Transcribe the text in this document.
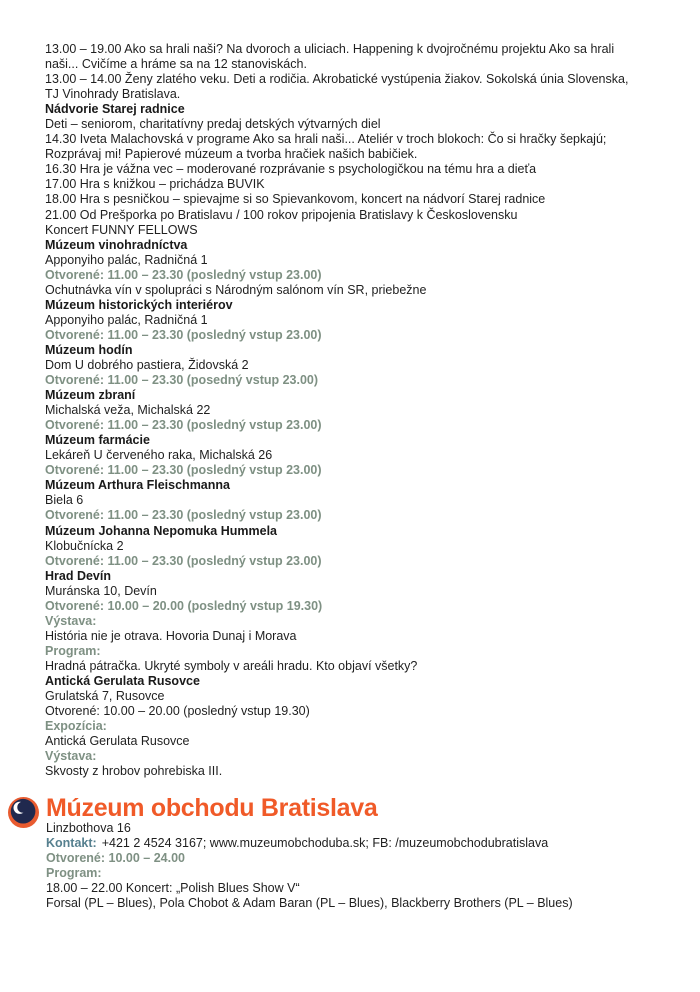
13.00 – 19.00 Ako sa hrali naši? Na dvoroch a uliciach. Happening k dvojročnému projektu Ako sa hrali
naši... Cvičíme a hráme sa na 12 stanoviskách.
13.00 – 14.00 Ženy zlatého veku. Deti a rodičia. Akrobatické vystúpenia žiakov. Sokolská únia Slovenska,
TJ Vinohrady Bratislava.
Nádvorie Starej radnice
Deti – seniorom, charitatívny predaj detských výtvarných diel
14.30 Iveta Malachovská v programe Ako sa hrali naši... Ateliér v troch blokoch: Čo si hračky šepkajú;
Rozprávaj mi! Papierové múzeum a tvorba hračiek našich babičiek.
16.30 Hra je vážna vec – moderované rozprávanie s psychologičkou na tému hra a dieťa
17.00 Hra s knižkou – prichádza BUVIK
18.00 Hra s pesničkou – spievajme si so Spievankovom, koncert na nádvorí Starej radnice
21.00 Od Prešporka po Bratislavu / 100 rokov pripojenia Bratislavy k Československu
Koncert FUNNY FELLOWS
Múzeum vinohradníctva
Apponyiho palác, Radničná 1
Otvorené: 11.00 – 23.30 (posledný vstup 23.00)
Ochutnávka vín v spolupráci s Národným salónom vín SR, priebežne
Múzeum historických interiérov
Apponyiho palác, Radničná 1
Otvorené: 11.00 – 23.30 (posledný vstup 23.00)
Múzeum hodín
Dom U dobrého pastiera, Židovská 2
Otvorené: 11.00 – 23.30 (posedný vstup 23.00)
Múzeum zbraní
Michalská veža, Michalská 22
Otvorené: 11.00 – 23.30 (posledný vstup 23.00)
Múzeum farmácie
Lekáreň U červeného raka, Michalská 26
Otvorené: 11.00 – 23.30 (posledný vstup 23.00)
Múzeum Arthura Fleischmanna
Biela 6
Otvorené: 11.00 – 23.30 (posledný vstup 23.00)
Múzeum Johanna Nepomuka Hummela
Klobučnícka 2
Otvorené: 11.00 – 23.30 (posledný vstup 23.00)
Hrad Devín
Muránska 10, Devín
Otvorené: 10.00 – 20.00 (posledný vstup 19.30)
Výstava:
História nie je otrava. Hovoria Dunaj i Morava
Program:
Hradná pátračka. Ukryté symboly v areáli hradu. Kto objaví všetky?
Antická Gerulata Rusovce
Grulatská 7, Rusovce
Otvorené: 10.00 – 20.00 (posledný vstup 19.30)
Expozícia:
Antická Gerulata Rusovce
Výstava:
Skvosty z hrobov pohrebiska III.
Múzeum obchodu Bratislava
Linzbothova 16
Kontakt: +421 2 4524 3167; www.muzeumobchoduba.sk; FB: /muzeumobchodubratislava
Otvorené: 10.00 – 24.00
Program:
18.00 – 22.00 Koncert: „Polish Blues Show V“
Forsal (PL – Blues), Pola Chobot & Adam Baran (PL – Blues), Blackberry Brothers (PL – Blues)
